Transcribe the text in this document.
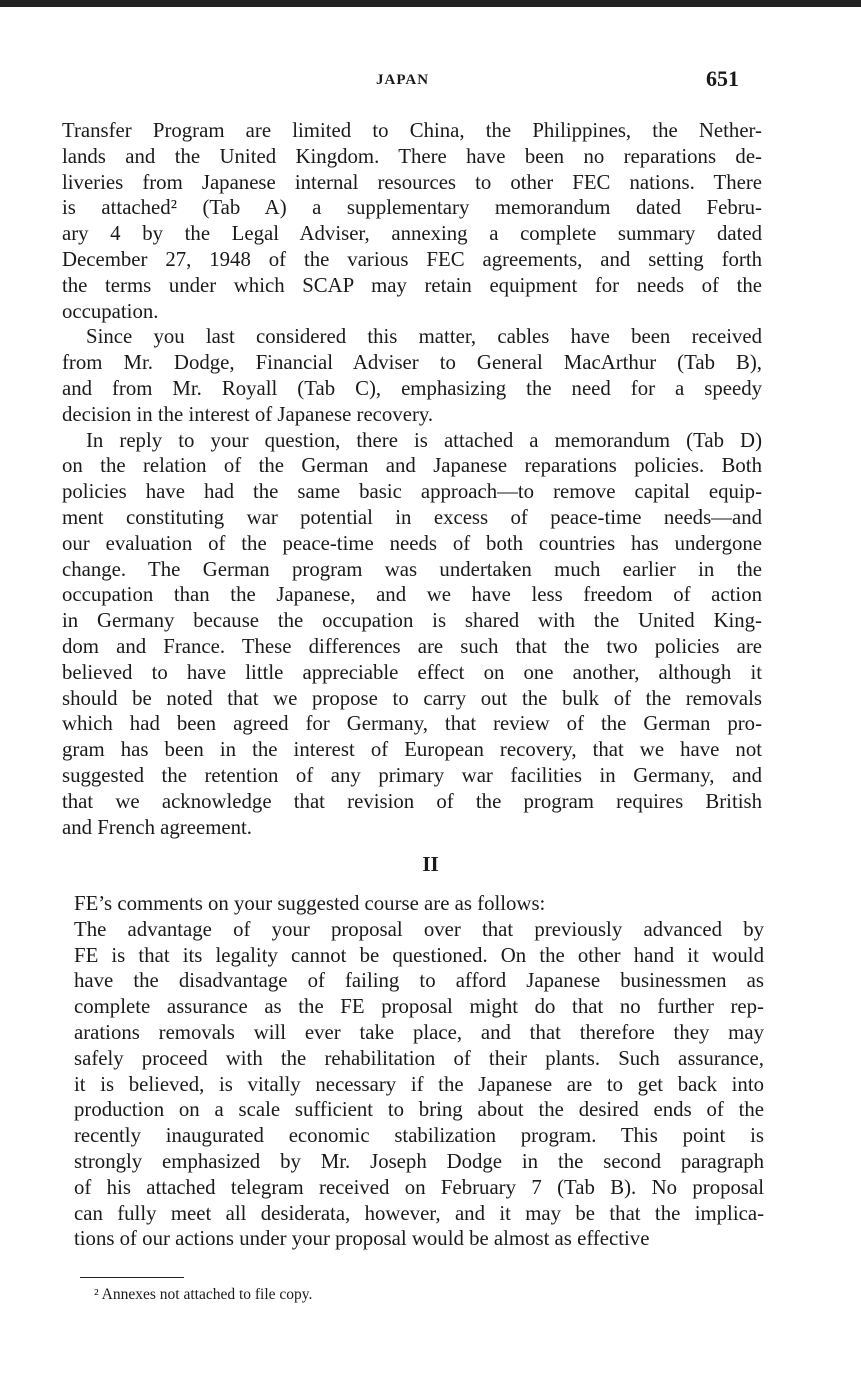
JAPAN	651
Transfer Program are limited to China, the Philippines, the Nether-
lands and the United Kingdom. There have been no reparations de-
liveries from Japanese internal resources to other FEC nations. There
is attached² (Tab A) a supplementary memorandum dated Febru-
ary 4 by the Legal Adviser, annexing a complete summary dated
December 27, 1948 of the various FEC agreements, and setting forth
the terms under which SCAP may retain equipment for needs of the
occupation.
Since you last considered this matter, cables have been received
from Mr. Dodge, Financial Adviser to General MacArthur (Tab B),
and from Mr. Royall (Tab C), emphasizing the need for a speedy
decision in the interest of Japanese recovery.
In reply to your question, there is attached a memorandum (Tab D)
on the relation of the German and Japanese reparations policies. Both
policies have had the same basic approach—to remove capital equip-
ment constituting war potential in excess of peace-time needs—and
our evaluation of the peace-time needs of both countries has undergone
change. The German program was undertaken much earlier in the
occupation than the Japanese, and we have less freedom of action
in Germany because the occupation is shared with the United King-
dom and France. These differences are such that the two policies are
believed to have little appreciable effect on one another, although it
should be noted that we propose to carry out the bulk of the removals
which had been agreed for Germany, that review of the German pro-
gram has been in the interest of European recovery, that we have not
suggested the retention of any primary war facilities in Germany, and
that we acknowledge that revision of the program requires British
and French agreement.
II
FE’s comments on your suggested course are as follows:
The advantage of your proposal over that previously advanced by
FE is that its legality cannot be questioned. On the other hand it would
have the disadvantage of failing to afford Japanese businessmen as
complete assurance as the FE proposal might do that no further rep-
arations removals will ever take place, and that therefore they may
safely proceed with the rehabilitation of their plants. Such assurance,
it is believed, is vitally necessary if the Japanese are to get back into
production on a scale sufficient to bring about the desired ends of the
recently inaugurated economic stabilization program. This point is
strongly emphasized by Mr. Joseph Dodge in the second paragraph
of his attached telegram received on February 7 (Tab B). No proposal
can fully meet all desiderata, however, and it may be that the implica-
tions of our actions under your proposal would be almost as effective
² Annexes not attached to file copy.
